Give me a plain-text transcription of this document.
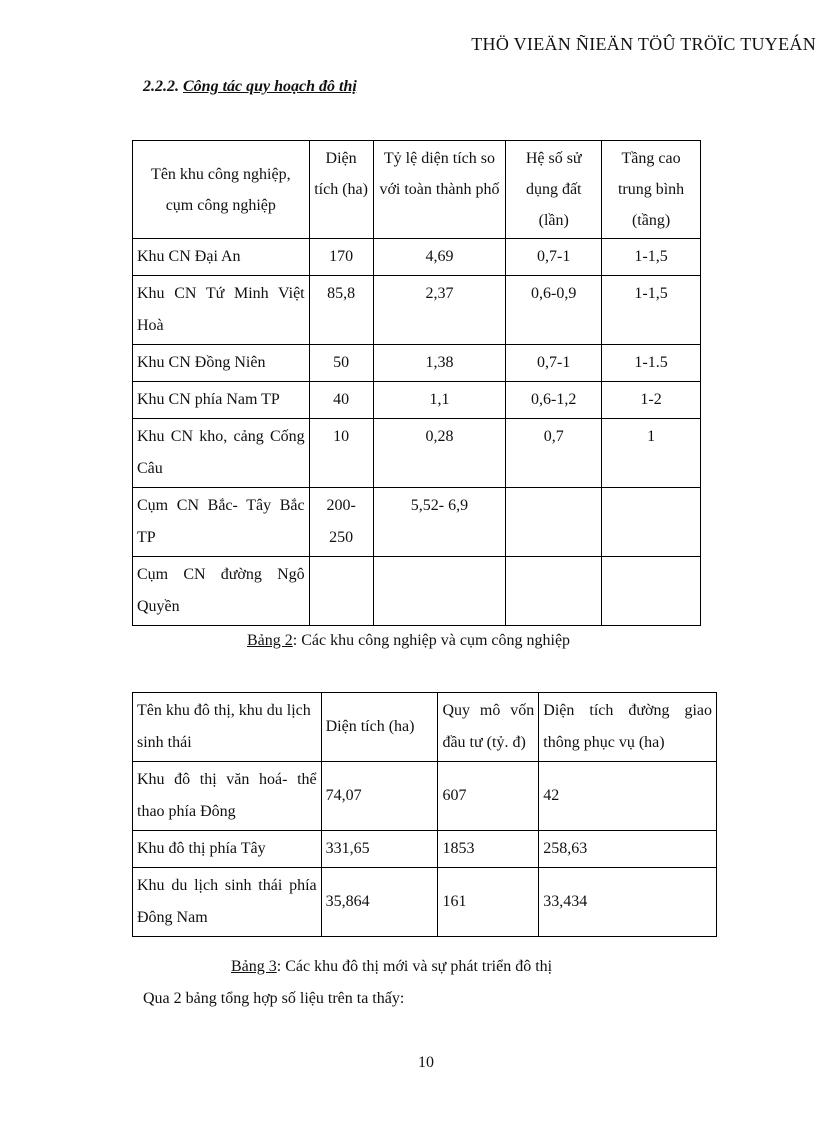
THÖ VIEÄN ÑIEÄN TÖÛ TRÖÏC TUYEÁN
2.2.2. Công tác quy hoạch đô thị
Tên khu công nghiệp, cụm công nghiệp	Diện tích (ha)	Tỷ lệ diện tích so với toàn thành phố	Hệ số sử dụng đất (lần)	Tầng cao trung bình (tầng)
Khu CN Đại An	170	4,69	0,7-1	1-1,5
Khu CN Tứ Minh Việt Hoà	85,8	2,37	0,6-0,9	1-1,5
Khu CN Đồng Niên	50	1,38	0,7-1	1-1.5
Khu CN phía Nam TP	40	1,1	0,6-1,2	1-2
Khu CN kho, cảng Cống Câu	10	0,28	0,7	1
Cụm CN Bắc- Tây Bắc TP	200-250	5,52- 6,9		
Cụm CN đường Ngô Quyền				
Bảng 2: Các khu công nghiệp và cụm công nghiệp
Tên khu đô thị, khu du lịch sinh thái	Diện tích (ha)	Quy mô vốn đầu tư (tỷ. đ)	Diện tích đường giao thông phục vụ (ha)
Khu đô thị văn hoá- thể thao phía Đông	74,07	607	42
Khu đô thị phía Tây	331,65	1853	258,63
Khu du lịch sinh thái phía Đông Nam	35,864	161	33,434
Bảng 3: Các khu đô thị mới và sự phát triển đô thị
Qua 2 bảng tổng hợp số liệu trên ta thấy:
10
